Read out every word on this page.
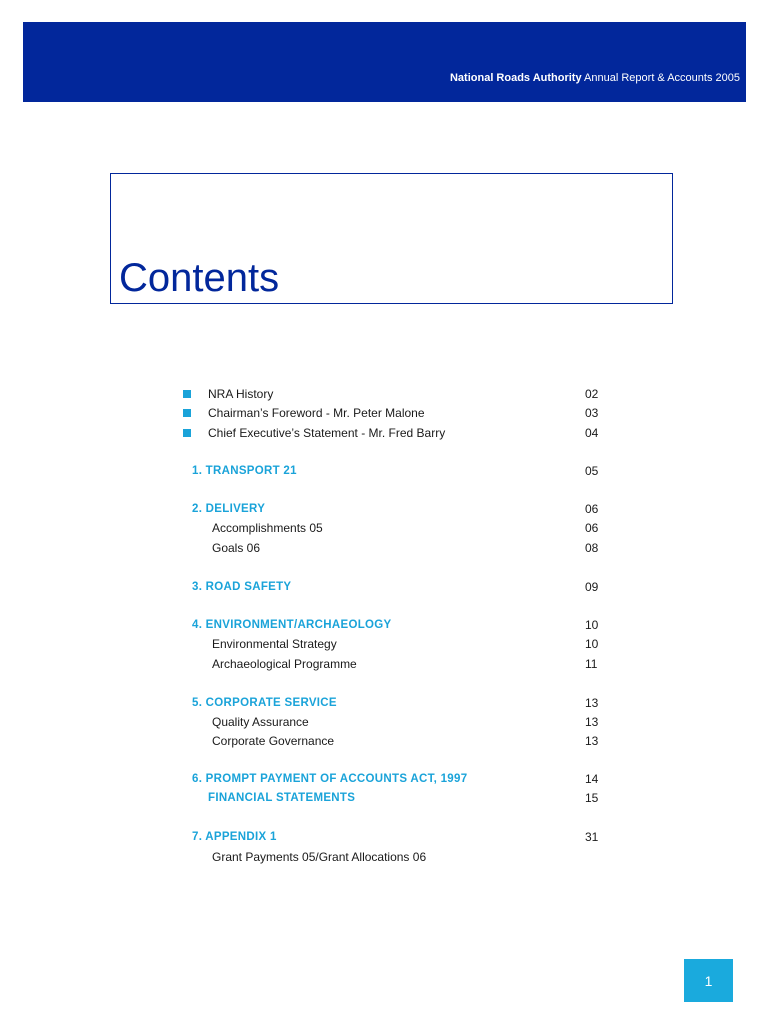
National Roads Authority Annual Report & Accounts 2005
Contents
NRA History	02
Chairman’s Foreword - Mr. Peter Malone	03
Chief Executive’s Statement - Mr. Fred Barry	04
1. TRANSPORT 21	05
2. DELIVERY	06
Accomplishments 05	06
Goals 06	08
3. ROAD SAFETY	09
4. ENVIRONMENT/ARCHAEOLOGY	10
Environmental Strategy	10
Archaeological Programme	11
5. CORPORATE SERVICE	13
Quality Assurance	13
Corporate Governance	13
6. PROMPT PAYMENT OF ACCOUNTS ACT, 1997	14
FINANCIAL STATEMENTS	15
7. APPENDIX 1	31
Grant Payments 05/Grant Allocations 06
1
